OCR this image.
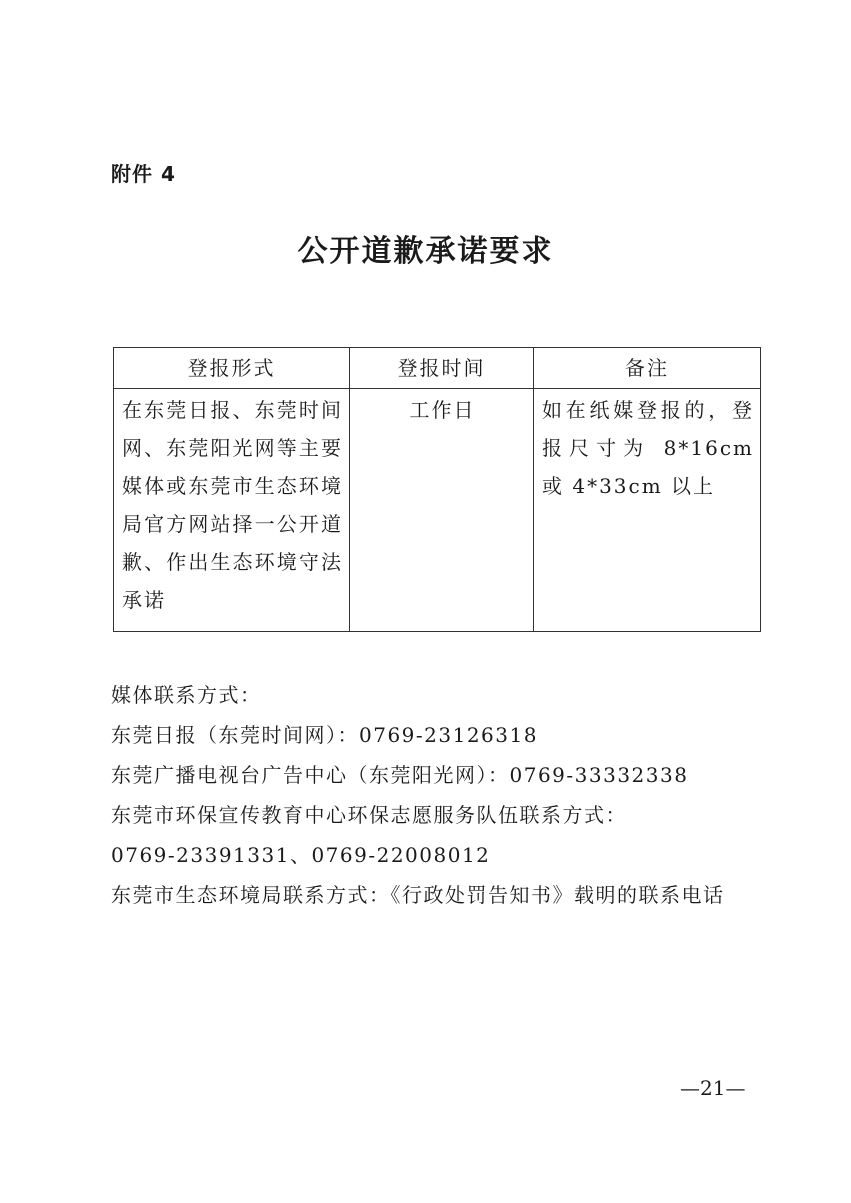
附件 4
公开道歉承诺要求
登报形式	登报时间	备注
在东莞日报、东莞时间网、东莞阳光网等主要媒体或东莞市生态环境局官方网站择一公开道歉、作出生态环境守法承诺	工作日	如在纸媒登报的，登报尺寸为 8*16cm 或 4*33cm 以上
媒体联系方式：
东莞日报（东莞时间网）：0769-23126318
东莞广播电视台广告中心（东莞阳光网）：0769-33332338
东莞市环保宣传教育中心环保志愿服务队伍联系方式：
0769-23391331、0769-22008012
东莞市生态环境局联系方式：《行政处罚告知书》载明的联系电话
—21—
